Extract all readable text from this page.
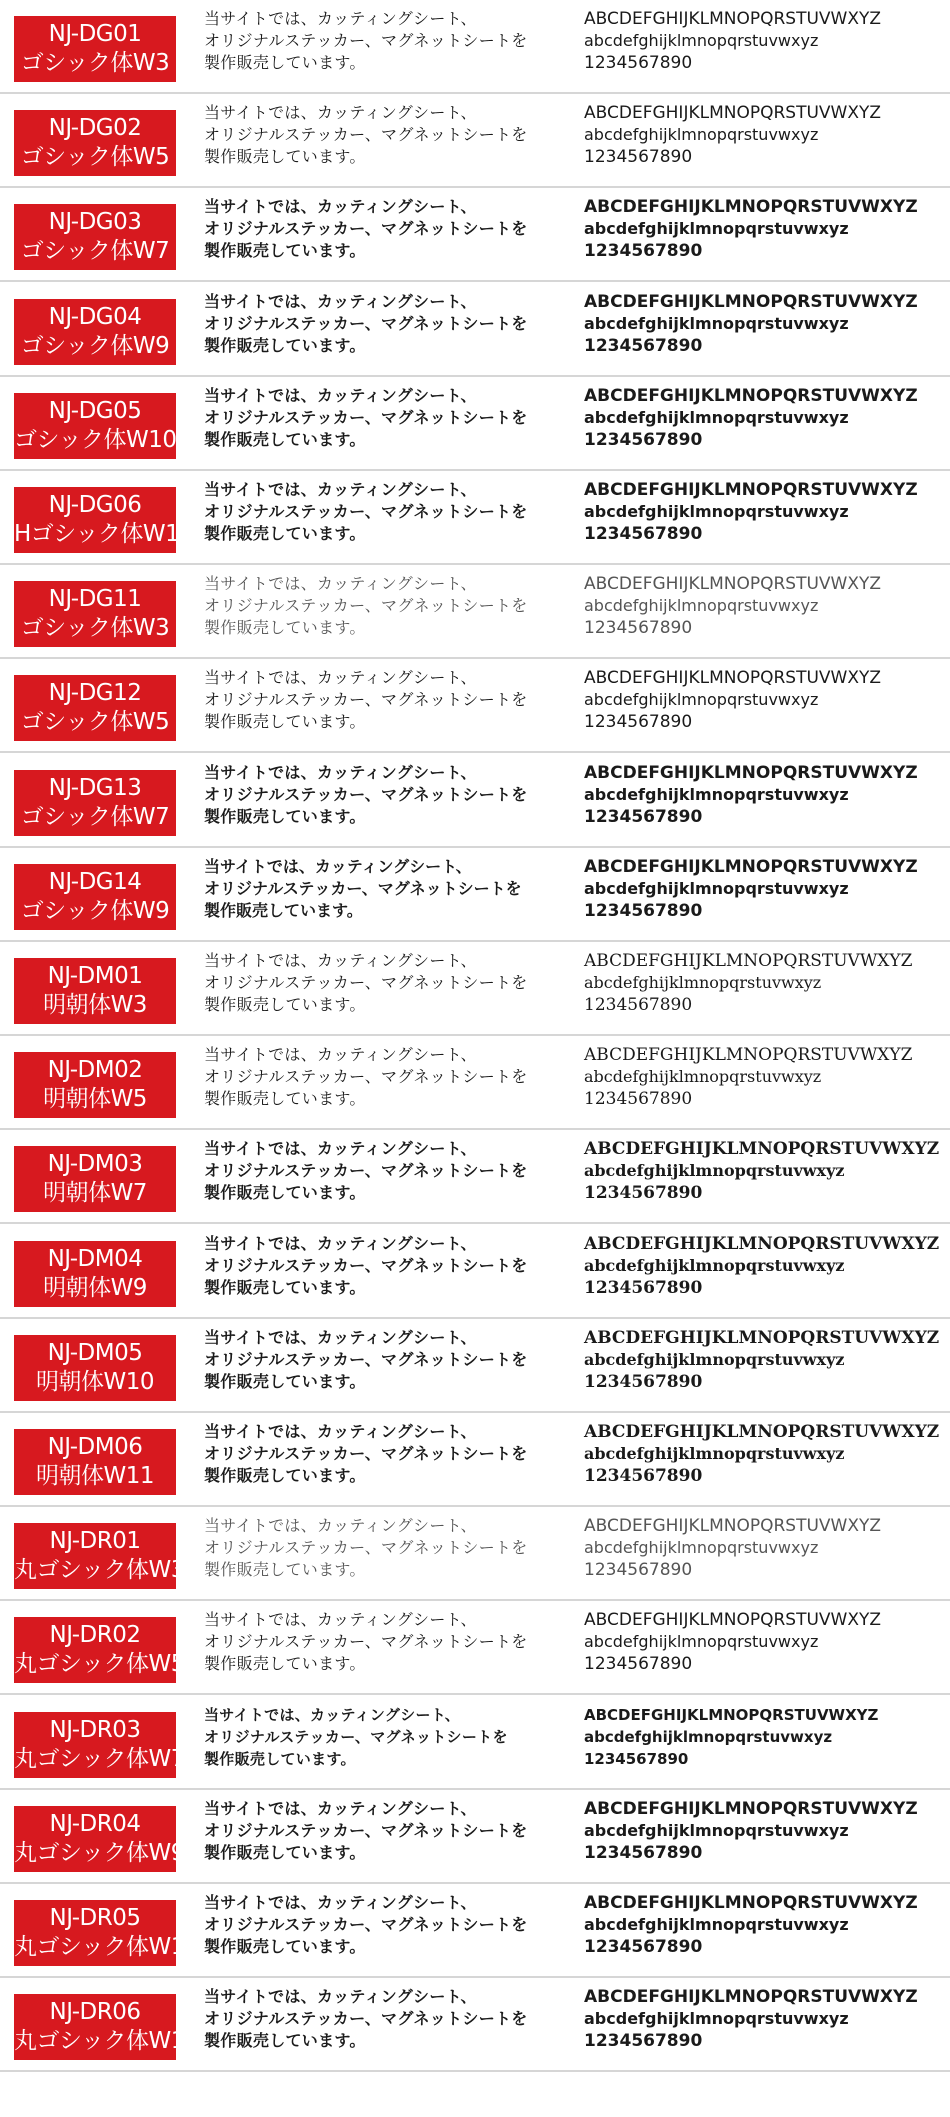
NJ-DG01
ゴシック体W3
当サイトでは、カッティングシート、
オリジナルステッカー、マグネットシートを
製作販売しています。
ABCDEFGHIJKLMNOPQRSTUVWXYZ
abcdefghijklmnopqrstuvwxyz
1234567890
NJ-DG02
ゴシック体W5
当サイトでは、カッティングシート、
オリジナルステッカー、マグネットシートを
製作販売しています。
ABCDEFGHIJKLMNOPQRSTUVWXYZ
abcdefghijklmnopqrstuvwxyz
1234567890
NJ-DG03
ゴシック体W7
当サイトでは、カッティングシート、
オリジナルステッカー、マグネットシートを
製作販売しています。
ABCDEFGHIJKLMNOPQRSTUVWXYZ
abcdefghijklmnopqrstuvwxyz
1234567890
NJ-DG04
ゴシック体W9
当サイトでは、カッティングシート、
オリジナルステッカー、マグネットシートを
製作販売しています。
ABCDEFGHIJKLMNOPQRSTUVWXYZ
abcdefghijklmnopqrstuvwxyz
1234567890
NJ-DG05
ゴシック体W10
当サイトでは、カッティングシート、
オリジナルステッカー、マグネットシートを
製作販売しています。
ABCDEFGHIJKLMNOPQRSTUVWXYZ
abcdefghijklmnopqrstuvwxyz
1234567890
NJ-DG06
Hゴシック体W11
当サイトでは、カッティングシート、
オリジナルステッカー、マグネットシートを
製作販売しています。
ABCDEFGHIJKLMNOPQRSTUVWXYZ
abcdefghijklmnopqrstuvwxyz
1234567890
NJ-DG11
ゴシック体W3
当サイトでは、カッティングシート、
オリジナルステッカー、マグネットシートを
製作販売しています。
ABCDEFGHIJKLMNOPQRSTUVWXYZ
abcdefghijklmnopqrstuvwxyz
1234567890
NJ-DG12
ゴシック体W5
当サイトでは、カッティングシート、
オリジナルステッカー、マグネットシートを
製作販売しています。
ABCDEFGHIJKLMNOPQRSTUVWXYZ
abcdefghijklmnopqrstuvwxyz
1234567890
NJ-DG13
ゴシック体W7
当サイトでは、カッティングシート、
オリジナルステッカー、マグネットシートを
製作販売しています。
ABCDEFGHIJKLMNOPQRSTUVWXYZ
abcdefghijklmnopqrstuvwxyz
1234567890
NJ-DG14
ゴシック体W9
当サイトでは、カッティングシート、
オリジナルステッカー、マグネットシートを
製作販売しています。
ABCDEFGHIJKLMNOPQRSTUVWXYZ
abcdefghijklmnopqrstuvwxyz
1234567890
NJ-DM01
明朝体W3
当サイトでは、カッティングシート、
オリジナルステッカー、マグネットシートを
製作販売しています。
ABCDEFGHIJKLMNOPQRSTUVWXYZ
abcdefghijklmnopqrstuvwxyz
1234567890
NJ-DM02
明朝体W5
当サイトでは、カッティングシート、
オリジナルステッカー、マグネットシートを
製作販売しています。
ABCDEFGHIJKLMNOPQRSTUVWXYZ
abcdefghijklmnopqrstuvwxyz
1234567890
NJ-DM03
明朝体W7
当サイトでは、カッティングシート、
オリジナルステッカー、マグネットシートを
製作販売しています。
ABCDEFGHIJKLMNOPQRSTUVWXYZ
abcdefghijklmnopqrstuvwxyz
1234567890
NJ-DM04
明朝体W9
当サイトでは、カッティングシート、
オリジナルステッカー、マグネットシートを
製作販売しています。
ABCDEFGHIJKLMNOPQRSTUVWXYZ
abcdefghijklmnopqrstuvwxyz
1234567890
NJ-DM05
明朝体W10
当サイトでは、カッティングシート、
オリジナルステッカー、マグネットシートを
製作販売しています。
ABCDEFGHIJKLMNOPQRSTUVWXYZ
abcdefghijklmnopqrstuvwxyz
1234567890
NJ-DM06
明朝体W11
当サイトでは、カッティングシート、
オリジナルステッカー、マグネットシートを
製作販売しています。
ABCDEFGHIJKLMNOPQRSTUVWXYZ
abcdefghijklmnopqrstuvwxyz
1234567890
NJ-DR01
丸ゴシック体W3
当サイトでは、カッティングシート、
オリジナルステッカー、マグネットシートを
製作販売しています。
ABCDEFGHIJKLMNOPQRSTUVWXYZ
abcdefghijklmnopqrstuvwxyz
1234567890
NJ-DR02
丸ゴシック体W5
当サイトでは、カッティングシート、
オリジナルステッカー、マグネットシートを
製作販売しています。
ABCDEFGHIJKLMNOPQRSTUVWXYZ
abcdefghijklmnopqrstuvwxyz
1234567890
NJ-DR03
丸ゴシック体W7
当サイトでは、カッティングシート、
オリジナルステッカー、マグネットシートを
製作販売しています。
ABCDEFGHIJKLMNOPQRSTUVWXYZ
abcdefghijklmnopqrstuvwxyz
1234567890
NJ-DR04
丸ゴシック体W9
当サイトでは、カッティングシート、
オリジナルステッカー、マグネットシートを
製作販売しています。
ABCDEFGHIJKLMNOPQRSTUVWXYZ
abcdefghijklmnopqrstuvwxyz
1234567890
NJ-DR05
丸ゴシック体W10
当サイトでは、カッティングシート、
オリジナルステッカー、マグネットシートを
製作販売しています。
ABCDEFGHIJKLMNOPQRSTUVWXYZ
abcdefghijklmnopqrstuvwxyz
1234567890
NJ-DR06
丸ゴシック体W11
当サイトでは、カッティングシート、
オリジナルステッカー、マグネットシートを
製作販売しています。
ABCDEFGHIJKLMNOPQRSTUVWXYZ
abcdefghijklmnopqrstuvwxyz
1234567890
